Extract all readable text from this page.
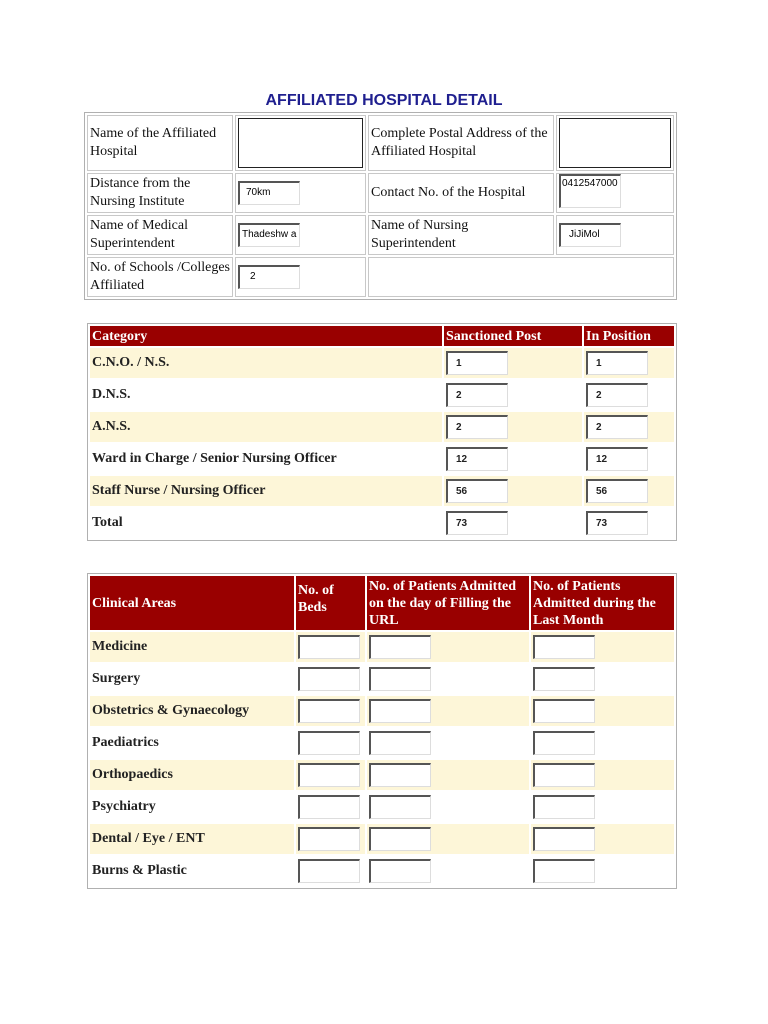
AFFILIATED HOSPITAL DETAIL
Name of the Affiliated Hospital		Complete Postal Address of the Affiliated Hospital	

Distance from the Nursing Institute	70km	Contact No. of the Hospital	0412547000
Name of Medical Superintendent	Thadeshw a	Name of Nursing Superintendent	JiJiMol
No. of Schools /Colleges Affiliated	2		
Category	Sanctioned Post	In Position
C.N.O. / N.S.	1	1
D.N.S.	2	2
A.N.S.	2	2
Ward in Charge / Senior Nursing Officer	12	12
Staff Nurse / Nursing Officer	56	56
Total	73	73
Clinical Areas	No. of Beds	No. of Patients Admitted on the day of Filling the URL	No. of Patients Admitted during the Last Month
Medicine			
Surgery			
Obstetrics & Gynaecology			
Paediatrics			
Orthopaedics			
Psychiatry			
Dental / Eye / ENT			
Burns & Plastic			
